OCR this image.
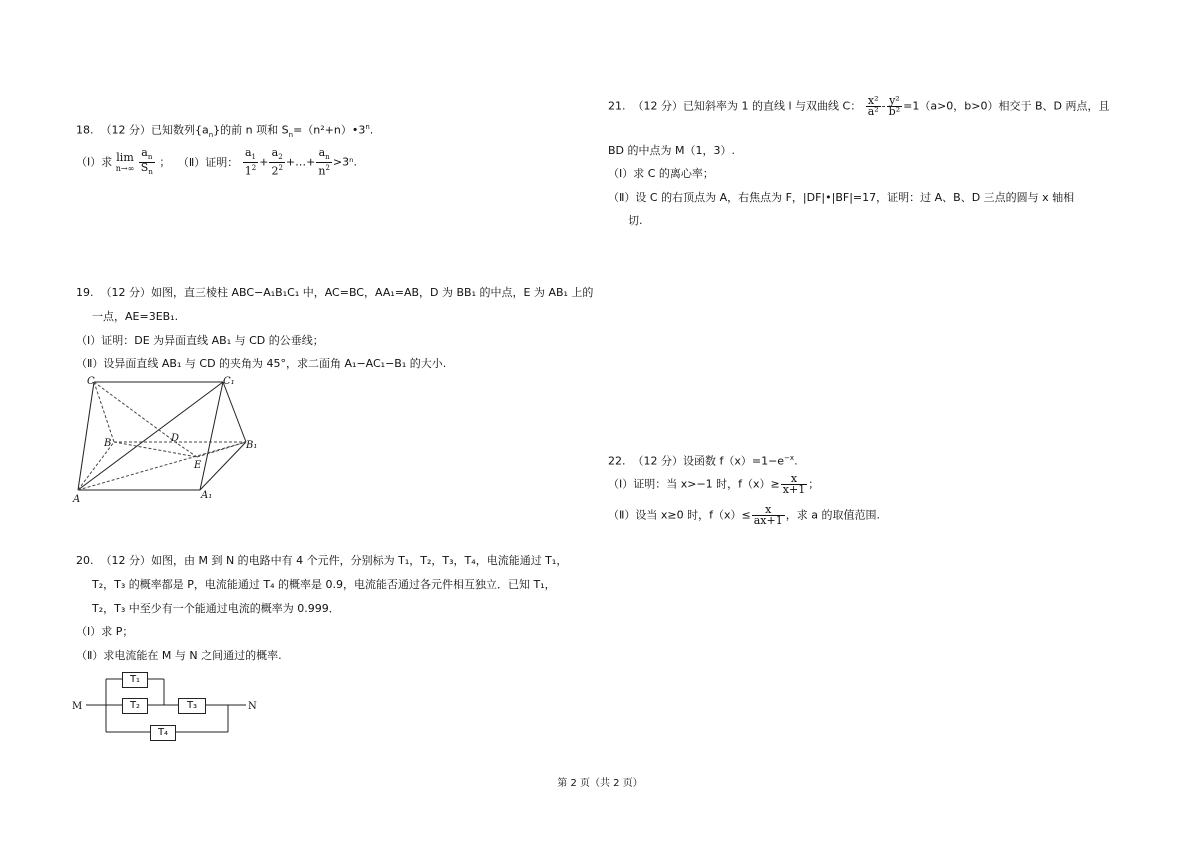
18.  （12 分）已知数列$\{a_n\}$的前 n 项和 $S_n=(n^2+n)•3^n$.
（Ⅰ）求 lim
n→∞
$\frac{a_n}{S_n}$ ； （Ⅱ）证明： $\frac{a_1}{1^2} + \frac{a_2}{2^2}$ +…+ $\frac{a_n}{n^2} >3^n$.
19.  （12 分）如图，直三棱柱 ABC−A₁B₁C₁ 中，AC=BC，AA₁=AB，D 为 BB₁ 的中点，E 为 AB₁ 上的
一点，AE=3EB₁.
（Ⅰ）证明：DE 为异面直线 AB₁ 与 CD 的公垂线；
（Ⅱ）设异面直线 AB₁ 与 CD 的夹角为 45°，求二面角 A₁−AC₁−B₁ 的大小.
C	C₁
B	D
B₁
E
A	A₁
20.  （12 分）如图，由 M 到 N 的电路中有 4 个元件，分别标为 T₁，T₂，T₃，T₄，电流能通过 T₁，
T₂，T₃ 的概率都是 P，电流能通过 T₄ 的概率是 0.9，电流能否通过各元件相互独立．已知 T₁，
T₂，T₃ 中至少有一个能通过电流的概率为 0.999．
（Ⅰ）求 P；
（Ⅱ）求电流能在 M 与 N 之间通过的概率.
M	N
T₁
T₂	T₃
T₄
21.  （12 分）已知斜率为 1 的直线 l 与双曲线 C： $\frac{\text{x²}}{\text{a²}} - \frac{\text{y²}}{\text{b²}} =1(a>0$，b>0）相交于 B、D 两点，且
BD 的中点为 M（1，3）.
（Ⅰ）求 C 的离心率；
（Ⅱ）设 C 的右顶点为 A，右焦点为 F，|DF|•|BF|=17，证明：过 A、B、D 三点的圆与 x 轴相
切.
22.  （12 分）设函数 $f(x)=1-e^{-x}$.
（Ⅰ）证明：当 x>−1 时，$f(x)\ge \frac{x}{x+1}$ ；
（Ⅱ）设当 x≥0 时，$f(x)\le \frac{x}{ax+1}$ ，求 a 的取值范围.
第 2 页（共 2 页）
